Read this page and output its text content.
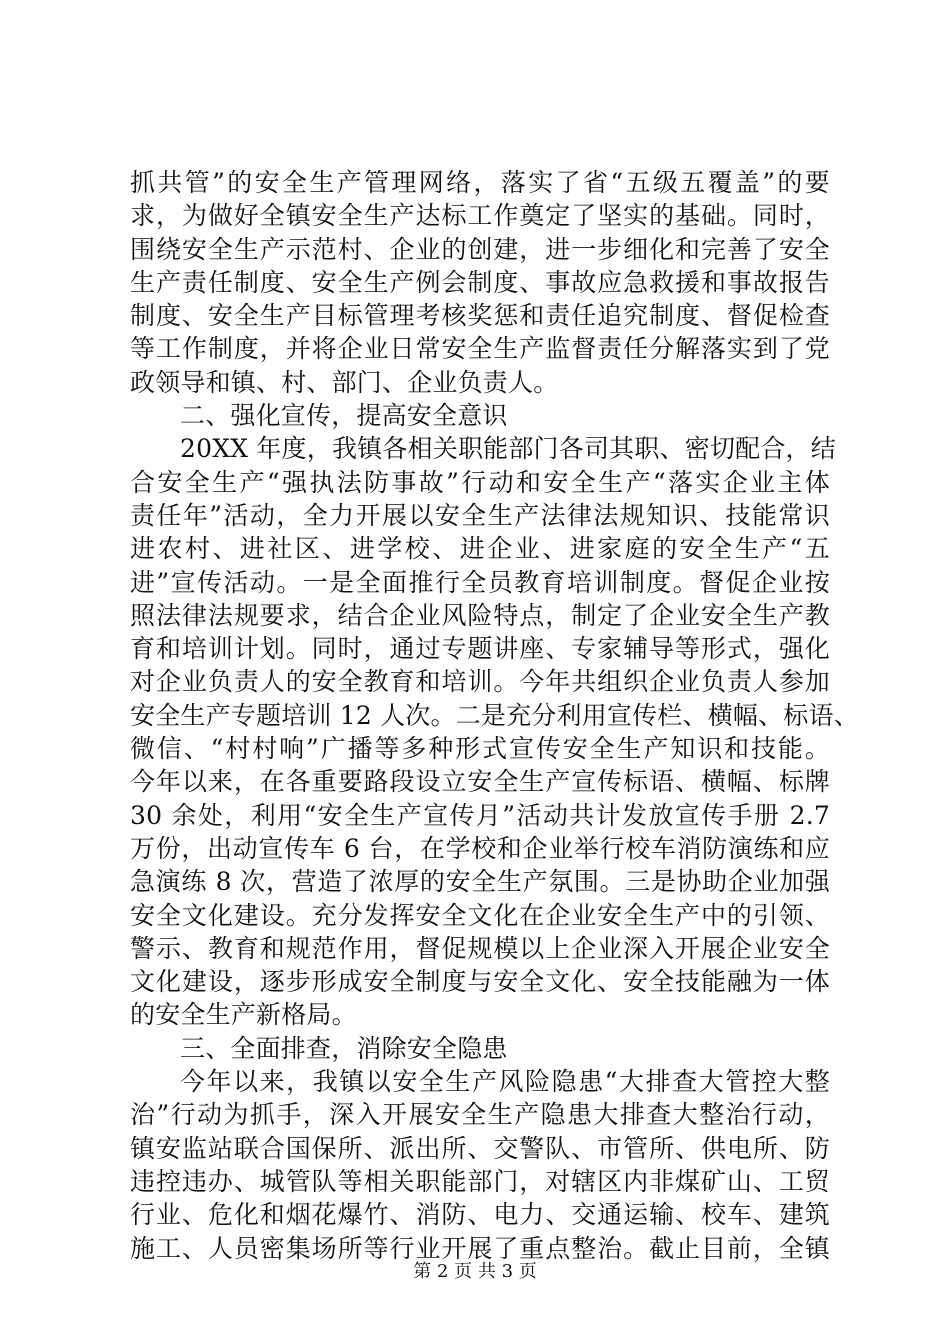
抓共管”的安全生产管理网络，落实了省“五级五覆盖”的要
求，为做好全镇安全生产达标工作奠定了坚实的基础。同时，
围绕安全生产示范村、企业的创建，进一步细化和完善了安全
生产责任制度、安全生产例会制度、事故应急救援和事故报告
制度、安全生产目标管理考核奖惩和责任追究制度、督促检查
等工作制度，并将企业日常安全生产监督责任分解落实到了党
政领导和镇、村、部门、企业负责人。
二、强化宣传，提高安全意识
20XX 年度，我镇各相关职能部门各司其职、密切配合，结
合安全生产“强执法防事故”行动和安全生产“落实企业主体
责任年”活动，全力开展以安全生产法律法规知识、技能常识
进农村、进社区、进学校、进企业、进家庭的安全生产“五
进”宣传活动。一是全面推行全员教育培训制度。督促企业按
照法律法规要求，结合企业风险特点，制定了企业安全生产教
育和培训计划。同时，通过专题讲座、专家辅导等形式，强化
对企业负责人的安全教育和培训。今年共组织企业负责人参加
安全生产专题培训 12 人次。二是充分利用宣传栏、横幅、标语、
微信、“村村响”广播等多种形式宣传安全生产知识和技能。
今年以来，在各重要路段设立安全生产宣传标语、横幅、标牌
30 余处，利用“安全生产宣传月”活动共计发放宣传手册 2.7
万份，出动宣传车 6 台，在学校和企业举行校车消防演练和应
急演练 8 次，营造了浓厚的安全生产氛围。三是协助企业加强
安全文化建设。充分发挥安全文化在企业安全生产中的引领、
警示、教育和规范作用，督促规模以上企业深入开展企业安全
文化建设，逐步形成安全制度与安全文化、安全技能融为一体
的安全生产新格局。
三、全面排查，消除安全隐患
今年以来，我镇以安全生产风险隐患“大排查大管控大整
治”行动为抓手，深入开展安全生产隐患大排查大整治行动，
镇安监站联合国保所、派出所、交警队、市管所、供电所、防
违控违办、城管队等相关职能部门，对辖区内非煤矿山、工贸
行业、危化和烟花爆竹、消防、电力、交通运输、校车、建筑
施工、人员密集场所等行业开展了重点整治。截止目前，全镇
第 2 页 共 3 页
